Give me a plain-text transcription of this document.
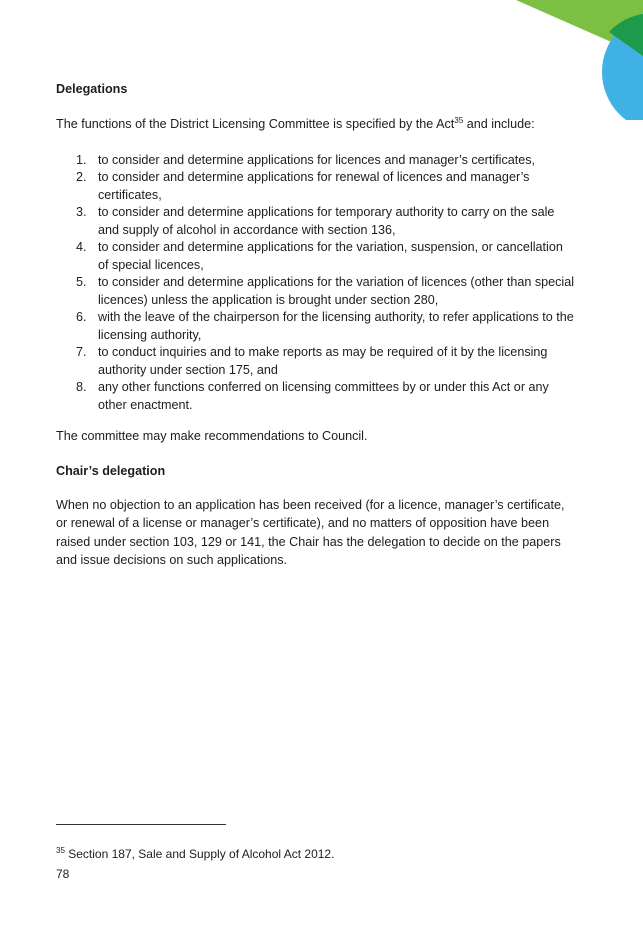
Delegations

The functions of the District Licensing Committee is specified by the Act$^{35}$ and include:

1. to consider and determine applications for licences and manager’s certificates,
2. to consider and determine applications for renewal of licences and manager’s certificates,
3. to consider and determine applications for temporary authority to carry on the sale and supply of alcohol in accordance with section 136,
4. to consider and determine applications for the variation, suspension, or cancellation of special licences,
5. to consider and determine applications for the variation of licences (other than special licences) unless the application is brought under section 280,
6. with the leave of the chairperson for the licensing authority, to refer applications to the licensing authority,
7. to conduct inquiries and to make reports as may be required of it by the licensing authority under section 175, and
8. any other functions conferred on licensing committees by or under this Act or any other enactment.

The committee may make recommendations to Council.

Chair’s delegation

When no objection to an application has been received (for a licence, manager’s certificate, or renewal of a license or manager’s certificate), and no matters of opposition have been raised under section 103, 129 or 141, the Chair has the delegation to decide on the papers and issue decisions on such applications.

$^{35}$ Section 187, Sale and Supply of Alcohol Act 2012.

78
